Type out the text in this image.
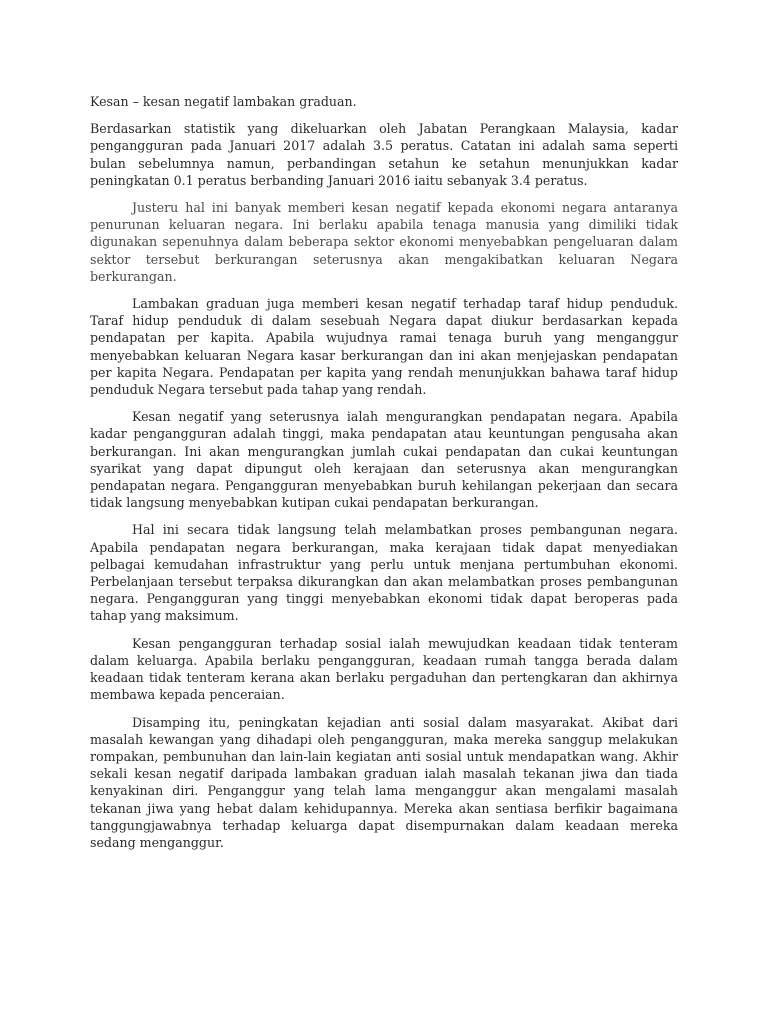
Kesan – kesan negatif lambakan graduan.

Berdasarkan statistik yang dikeluarkan oleh Jabatan Perangkaan Malaysia, kadar pengangguran pada Januari 2017 adalah 3.5 peratus. Catatan ini adalah sama seperti bulan sebelumnya namun, perbandingan setahun ke setahun menunjukkan kadar peningkatan 0.1 peratus berbanding Januari 2016 iaitu sebanyak 3.4 peratus.

Justeru hal ini banyak memberi kesan negatif kepada ekonomi negara antaranya penurunan keluaran negara. Ini berlaku apabila tenaga manusia yang dimiliki tidak digunakan sepenuhnya dalam beberapa sektor ekonomi menyebabkan pengeluaran dalam sektor tersebut berkurangan seterusnya akan mengakibatkan keluaran Negara berkurangan.

Lambakan graduan juga memberi kesan negatif terhadap taraf hidup penduduk. Taraf hidup penduduk di dalam sesebuah Negara dapat diukur berdasarkan kepada pendapatan per kapita. Apabila wujudnya ramai tenaga buruh yang menganggur menyebabkan keluaran Negara kasar berkurangan dan ini akan menjejaskan pendapatan per kapita Negara. Pendapatan per kapita yang rendah menunjukkan bahawa taraf hidup penduduk Negara tersebut pada tahap yang rendah.

Kesan negatif yang seterusnya ialah mengurangkan pendapatan negara. Apabila kadar pengangguran adalah tinggi, maka pendapatan atau keuntungan pengusaha akan berkurangan. Ini akan mengurangkan jumlah cukai pendapatan dan cukai keuntungan syarikat yang dapat dipungut oleh kerajaan dan seterusnya akan mengurangkan pendapatan negara. Pengangguran menyebabkan buruh kehilangan pekerjaan dan secara tidak langsung menyebabkan kutipan cukai pendapatan berkurangan.

Hal ini secara tidak langsung telah melambatkan proses pembangunan negara. Apabila pendapatan negara berkurangan, maka kerajaan tidak dapat menyediakan pelbagai kemudahan infrastruktur yang perlu untuk menjana pertumbuhan ekonomi. Perbelanjaan tersebut terpaksa dikurangkan dan akan melambatkan proses pembangunan negara. Pengangguran yang tinggi menyebabkan ekonomi tidak dapat beroperas pada tahap yang maksimum.

Kesan pengangguran terhadap sosial ialah mewujudkan keadaan tidak tenteram dalam keluarga. Apabila berlaku pengangguran, keadaan rumah tangga berada dalam keadaan tidak tenteram kerana akan berlaku pergaduhan dan pertengkaran dan akhirnya membawa kepada penceraian.

Disamping itu, peningkatan kejadian anti sosial dalam masyarakat. Akibat dari masalah kewangan yang dihadapi oleh pengangguran, maka mereka sanggup melakukan rompakan, pembunuhan dan lain-lain kegiatan anti sosial untuk mendapatkan wang. Akhir sekali kesan negatif daripada lambakan graduan ialah masalah tekanan jiwa dan tiada kenyakinan diri. Penganggur yang telah lama menganggur akan mengalami masalah tekanan jiwa yang hebat dalam kehidupannya. Mereka akan sentiasa berfikir bagaimana tanggungjawabnya terhadap keluarga dapat disempurnakan dalam keadaan mereka sedang menganggur.
